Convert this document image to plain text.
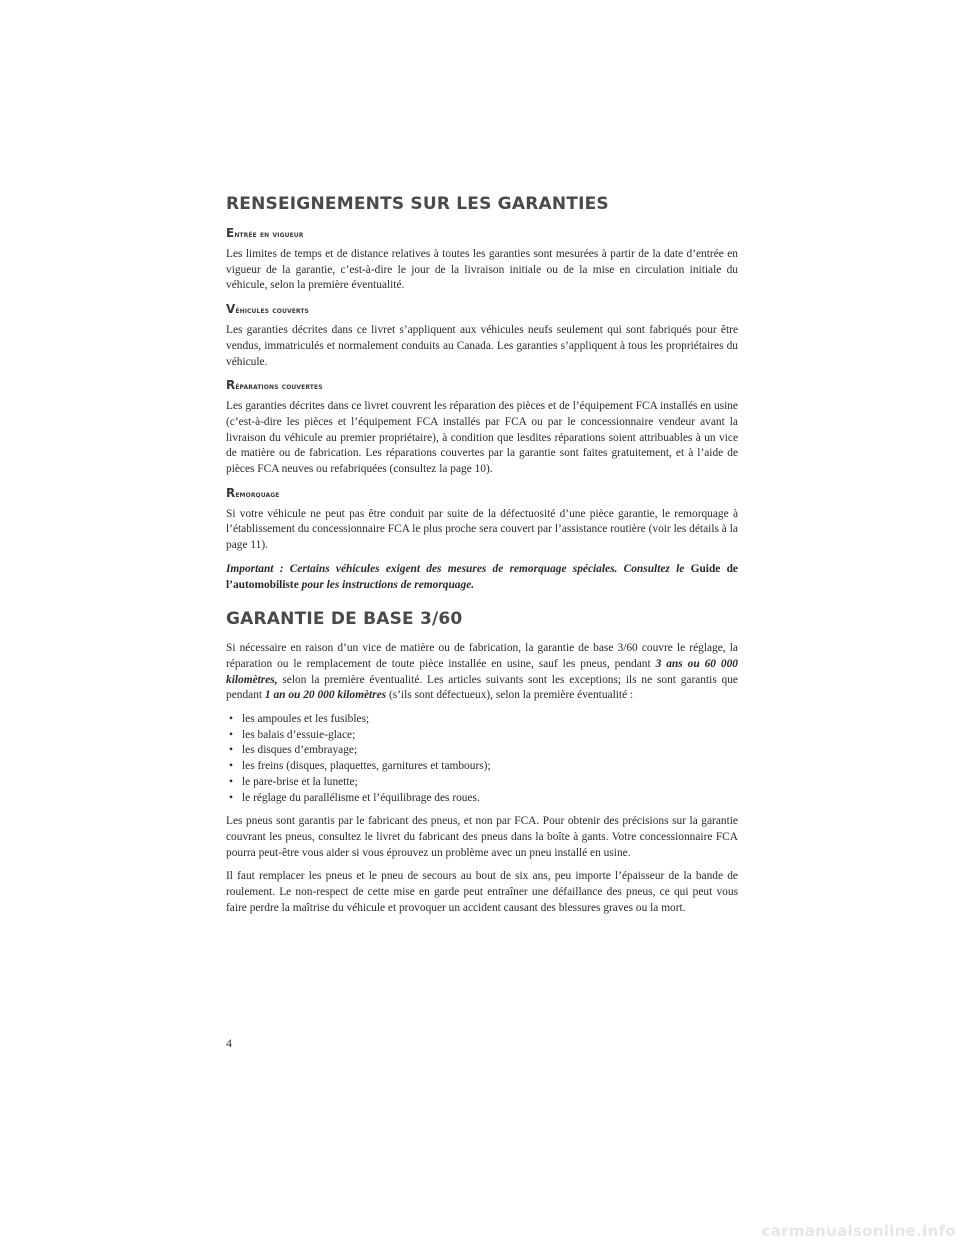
RENSEIGNEMENTS SUR LES GARANTIES
Entrée en vigueur

Les limites de temps et de distance relatives à toutes les garanties sont mesurées à partir de la date d’entrée en vigueur de la garantie, c’est-à-dire le jour de la livraison initiale ou de la mise en circulation initiale du véhicule, selon la première éventualité.

Véhicules couverts

Les garanties décrites dans ce livret s’appliquent aux véhicules neufs seulement qui sont fabriqués pour être vendus, immatriculés et normalement conduits au Canada. Les garanties s’appliquent à tous les propriétaires du véhicule.

Réparations couvertes

Les garanties décrites dans ce livret couvrent les réparation des pièces et de l’équipement FCA installés en usine (c’est-à-dire les pièces et l’équipement FCA installés par FCA ou par le concessionnaire vendeur avant la livraison du véhicule au premier propriétaire), à condition que lesdites réparations soient attribuables à un vice de matière ou de fabrication. Les réparations couvertes par la garantie sont faites gratuitement, et à l’aide de pièces FCA neuves ou refabriquées (consultez la page 10).

Remorquage

Si votre véhicule ne peut pas être conduit par suite de la défectuosité d’une pièce garantie, le remorquage à l’établissement du concessionnaire FCA le plus proche sera couvert par l’assistance routière (voir les détails à la page 11).

Important : Certains véhicules exigent des mesures de remorquage spéciales. Consultez le Guide de l’automobiliste pour les instructions de remorquage.

GARANTIE DE BASE 3/60

Si nécessaire en raison d’un vice de matière ou de fabrication, la garantie de base 3/60 couvre le réglage, la réparation ou le remplacement de toute pièce installée en usine, sauf les pneus, pendant 3 ans ou 60 000 kilomètres, selon la première éventualité. Les articles suivants sont les exceptions; ils ne sont garantis que pendant 1 an ou 20 000 kilomètres (s’ils sont défectueux), selon la première éventualité :

• les ampoules et les fusibles;
• les balais d’essuie-glace;
• les disques d’embrayage;
• les freins (disques, plaquettes, garnitures et tambours);
• le pare-brise et la lunette;
• le réglage du parallélisme et l’équilibrage des roues.

Les pneus sont garantis par le fabricant des pneus, et non par FCA. Pour obtenir des précisions sur la garantie couvrant les pneus, consultez le livret du fabricant des pneus dans la boîte à gants. Votre concessionnaire FCA pourra peut-être vous aider si vous éprouvez un problème avec un pneu installé en usine.

Il faut remplacer les pneus et le pneu de secours au bout de six ans, peu importe l’épaisseur de la bande de roulement. Le non-respect de cette mise en garde peut entraîner une défaillance des pneus, ce qui peut vous faire perdre la maîtrise du véhicule et provoquer un accident causant des blessures graves ou la mort.

4
carmanualsonline.info
